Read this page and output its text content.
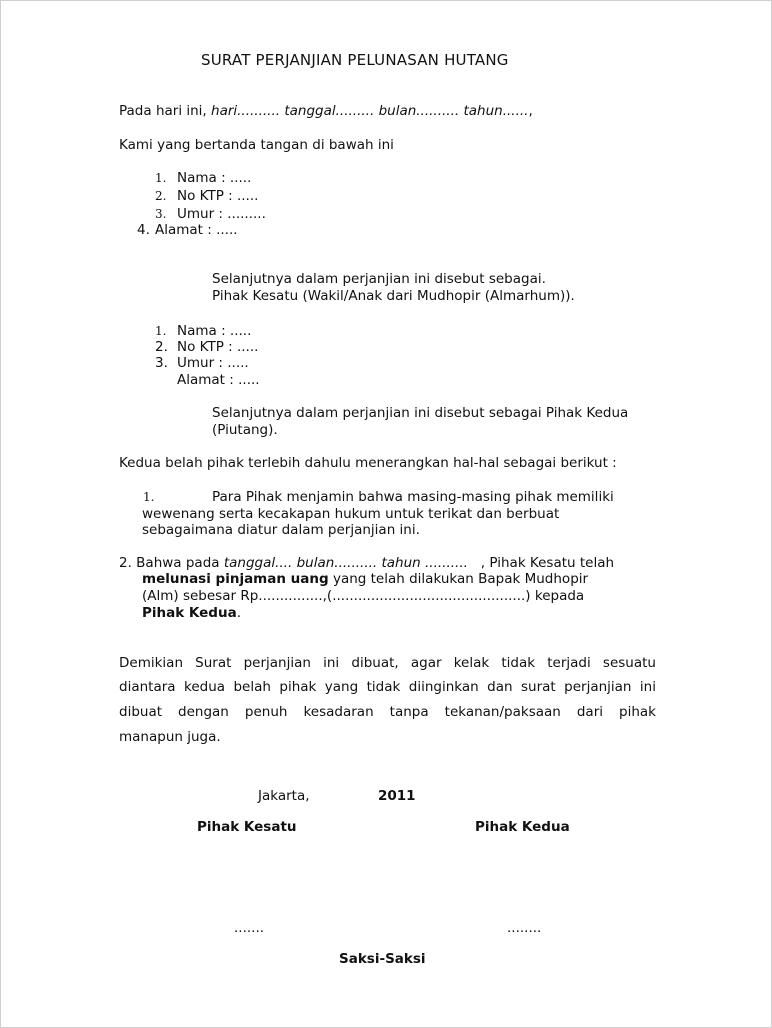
SURAT PERJANJIAN PELUNASAN HUTANG
Pada hari ini, hari.......... tanggal......... bulan.......... tahun......,
Kami yang bertanda tangan di bawah ini
1. Nama : .....
2. No KTP : .....
3. Umur : .........
4. Alamat : .....
Selanjutnya dalam perjanjian ini disebut sebagai.
Pihak Kesatu (Wakil/Anak dari Mudhopir (Almarhum)).
1. Nama : .....
2. No KTP : .....
3. Umur : .....
Alamat : .....
Selanjutnya dalam perjanjian ini disebut sebagai Pihak Kedua
(Piutang).
Kedua belah pihak terlebih dahulu menerangkan hal-hal sebagai berikut :
1.	Para Pihak menjamin bahwa masing-masing pihak memiliki
wewenang serta kecakapan hukum untuk terikat dan berbuat
sebagaimana diatur dalam perjanjian ini.
2. Bahwa pada tanggal.... bulan.......... tahun ..........   , Pihak Kesatu telah
melunasi pinjaman uang yang telah dilakukan Bapak Mudhopir
(Alm) sebesar Rp...............,(.............................................) kepada
Pihak Kedua.
Demikian Surat perjanjian ini dibuat, agar kelak tidak terjadi sesuatu
diantara kedua belah pihak yang tidak diinginkan dan surat perjanjian ini
dibuat dengan penuh kesadaran tanpa tekanan/paksaan dari pihak
manapun juga.
Jakarta,	2011
Pihak Kesatu	Pihak Kedua
.......	........
Saksi-Saksi
